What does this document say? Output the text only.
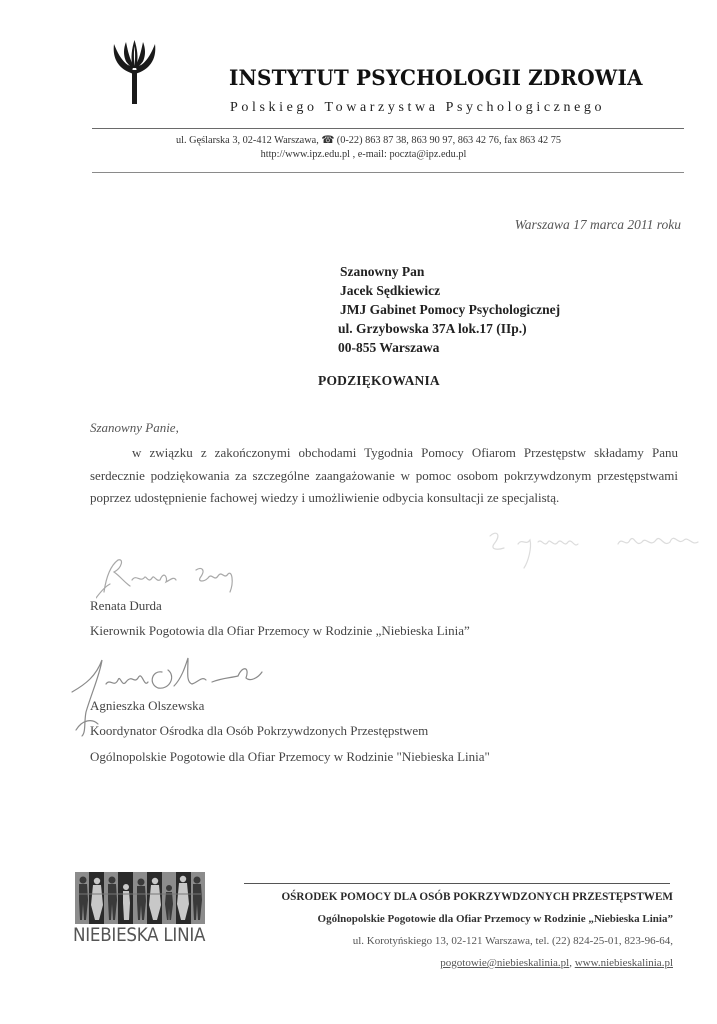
INSTYTUT PSYCHOLOGII ZDROWIA
Polskiego Towarzystwa Psychologicznego
ul. Gęślarska 3, 02-412 Warszawa, ☎ (0-22) 863 87 38, 863 90 97, 863 42 76, fax 863 42 75
http://www.ipz.edu.pl , e-mail: poczta@ipz.edu.pl
Warszawa 17 marca 2011 roku
Szanowny Pan
Jacek Sędkiewicz
JMJ Gabinet Pomocy Psychologicznej
ul. Grzybowska 37A lok.17 (IIp.)
00-855 Warszawa
PODZIĘKOWANIA
Szanowny Panie,
w związku z zakończonymi obchodami Tygodnia Pomocy Ofiarom Przestępstw składamy Panu serdecznie podziękowania za szczególne zaangażowanie w pomoc osobom pokrzywdzonym przestępstwami poprzez udostępnienie fachowej wiedzy i umożliwienie odbycia konsultacji ze specjalistą.
Renata Durda
Kierownik Pogotowia dla Ofiar Przemocy w Rodzinie „Niebieska Linia”
Agnieszka Olszewska
Koordynator Ośrodka dla Osób Pokrzywdzonych Przestępstwem
Ogólnopolskie Pogotowie dla Ofiar Przemocy w Rodzinie "Niebieska Linia"
NIEBIESKA LINIA
OŚRODEK POMOCY DLA OSÓB POKRZYWDZONYCH PRZESTĘPSTWEM
Ogólnopolskie Pogotowie dla Ofiar Przemocy w Rodzinie „Niebieska Linia”
ul. Korotyńskiego 13, 02-121 Warszawa, tel. (22) 824-25-01, 823-96-64,
pogotowie@niebieskalinia.pl, www.niebieskalinia.pl
